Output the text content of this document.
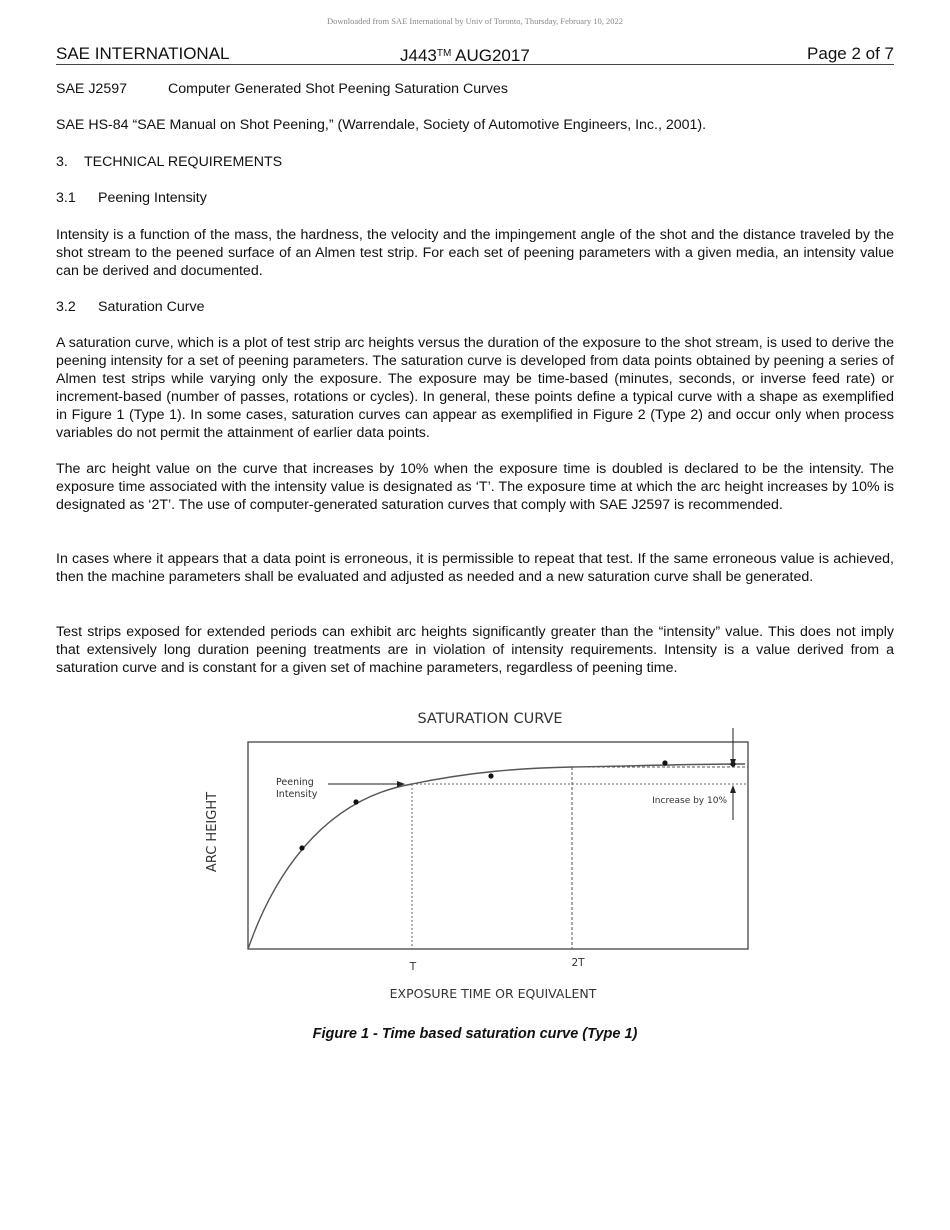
Downloaded from SAE International by Univ of Toronto, Thursday, February 10, 2022
SAE INTERNATIONAL	J443™ AUG2017	Page 2 of 7
SAE J2597	Computer Generated Shot Peening Saturation Curves
SAE HS-84 “SAE Manual on Shot Peening,” (Warrendale, Society of Automotive Engineers, Inc., 2001).
3. TECHNICAL REQUIREMENTS
3.1 Peening Intensity
Intensity is a function of the mass, the hardness, the velocity and the impingement angle of the shot and the distance traveled by the shot stream to the peened surface of an Almen test strip. For each set of peening parameters with a given media, an intensity value can be derived and documented.
3.2 Saturation Curve
A saturation curve, which is a plot of test strip arc heights versus the duration of the exposure to the shot stream, is used to derive the peening intensity for a set of peening parameters. The saturation curve is developed from data points obtained by peening a series of Almen test strips while varying only the exposure. The exposure may be time-based (minutes, seconds, or inverse feed rate) or increment-based (number of passes, rotations or cycles). In general, these points define a typical curve with a shape as exemplified in Figure 1 (Type 1). In some cases, saturation curves can appear as exemplified in Figure 2 (Type 2) and occur only when process variables do not permit the attainment of earlier data points.
The arc height value on the curve that increases by 10% when the exposure time is doubled is declared to be the intensity. The exposure time associated with the intensity value is designated as ‘T’. The exposure time at which the arc height increases by 10% is designated as ‘2T’. The use of computer-generated saturation curves that comply with SAE J2597 is recommended.
In cases where it appears that a data point is erroneous, it is permissible to repeat that test. If the same erroneous value is achieved, then the machine parameters shall be evaluated and adjusted as needed and a new saturation curve shall be generated.
Test strips exposed for extended periods can exhibit arc heights significantly greater than the “intensity” value. This does not imply that extensively long duration peening treatments are in violation of intensity requirements. Intensity is a value derived from a saturation curve and is constant for a given set of machine parameters, regardless of peening time.
SATURATION CURVE
Peening
Intensity
Increase by 10%
ARC HEIGHT
T	2T
EXPOSURE TIME OR EQUIVALENT
Figure 1 - Time based saturation curve (Type 1)
